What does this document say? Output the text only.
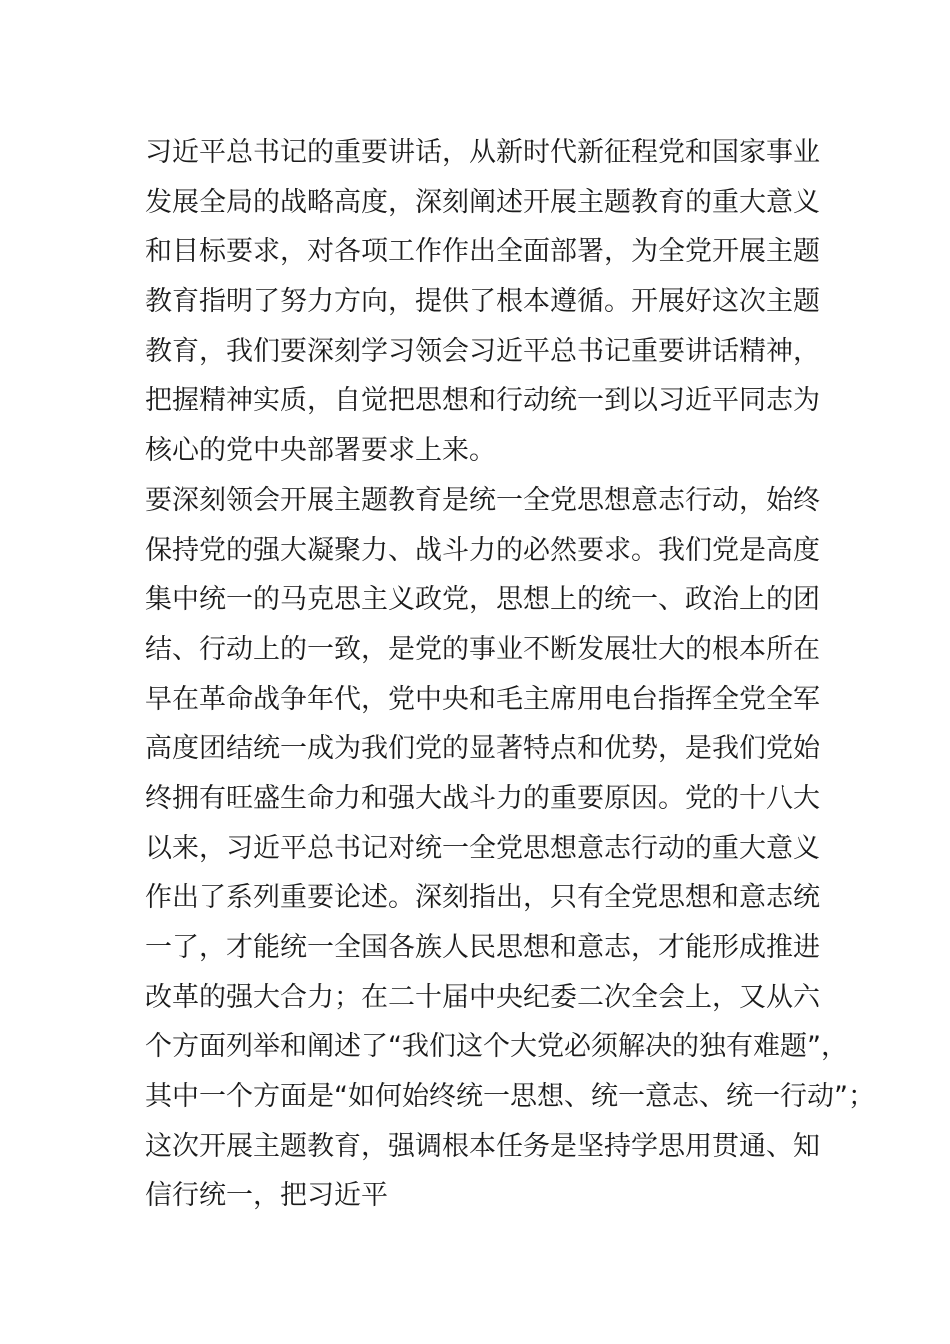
习近平总书记的重要讲话，从新时代新征程党和国家事业
发展全局的战略高度，深刻阐述开展主题教育的重大意义
和目标要求，对各项工作作出全面部署，为全党开展主题
教育指明了努力方向，提供了根本遵循。开展好这次主题
教育，我们要深刻学习领会习近平总书记重要讲话精神，
把握精神实质，自觉把思想和行动统一到以习近平同志为
核心的党中央部署要求上来。
要深刻领会开展主题教育是统一全党思想意志行动，始终
保持党的强大凝聚力、战斗力的必然要求。我们党是高度
集中统一的马克思主义政党，思想上的统一、政治上的团
结、行动上的一致，是党的事业不断发展壮大的根本所在
早在革命战争年代，党中央和毛主席用电台指挥全党全军
高度团结统一成为我们党的显著特点和优势，是我们党始
终拥有旺盛生命力和强大战斗力的重要原因。党的十八大
以来，习近平总书记对统一全党思想意志行动的重大意义
作出了系列重要论述。深刻指出，只有全党思想和意志统
一了，才能统一全国各族人民思想和意志，才能形成推进
改革的强大合力；在二十届中央纪委二次全会上，又从六
个方面列举和阐述了“我们这个大党必须解决的独有难题”，
其中一个方面是“如何始终统一思想、统一意志、统一行动”；
这次开展主题教育，强调根本任务是坚持学思用贯通、知
信行统一，把习近平
